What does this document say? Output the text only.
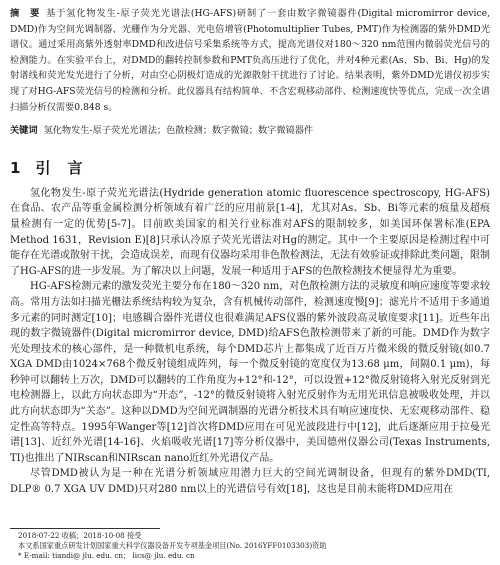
摘　要 基于氢化物发生-原子荧光光谱法(HG-AFS)研制了一套由数字微镜器件(Digital micromirror device, DMD)作为空间光调制器、光栅作为分光器、光电倍增管(Photomultiplier Tubes, PMT)作为检测器的紫外DMD光谱仪。通过采用高紫外透射率DMD和改进信号采集系统等方式，提高光谱仪对180～320 nm范围内微弱荧光信号的检测能力。在实验平台上，对DMD的翻转控制参数和PMT负高压进行了优化，并对4种元素(As、Sb、Bi、Hg)的发射谱线和荧光发光进行了分析，对由空心阴极灯造成的光源散射干扰进行了讨论。结果表明，紫外DMD光谱仪初步实现了对HG-AFS荧光信号的检测和分析。此仪器具有结构简单、不含宏观移动部件、检测速度快等优点，完成一次全谱扫描分析仅需要0.848 s。
关键词 氢化物发生-原子荧光光谱法；色散检测；数字微镜；数字微镜器件
1 引　言

氢化物发生-原子荧光光谱法(Hydride generation atomic fluorescence spectroscopy, HG-AFS)在食品、农产品等重金属检测分析领域有着广泛的应用前景[1-4]，尤其对As、Sb、Bi等元素的痕量及超痕量检测有一定的优势[5-7]。目前欧美国家的相关行业标准对AFS的限制较多，如美国环保署标准(EPA Method 1631，Revision E)[8]只承认冷原子荧光光谱法对Hg的测定。其中一个主要原因是检测过程中可能存在光谱或散射干扰，会造成误差，而现有仪器均采用非色散检测法，无法有效验证或排除此类问题，限制了HG-AFS的进一步发展。为了解决以上问题，发展一种适用于AFS的色散检测技术便显得尤为重要。

HG-AFS检测元素的激发荧光主要分布在180～320 nm，对色散检测方法的灵敏度和响应速度等要求较高。常用方法如扫描光栅法系统结构较为复杂，含有机械传动部件，检测速度慢[9]；滤光片不适用于多通道多元素的同时测定[10]；电感耦合器件光谱仪也很难满足AFS仪器的紫外波段高灵敏度要求[11]。近些年出现的数字微镜器件(Digital micromirror device, DMD)给AFS色散检测带来了新的可能。DMD作为数字光处理技术的核心部件，是一种微机电系统，每个DMD芯片上都集成了近百万片微米级的微反射镜(如0.7 XGA DMD由1024×768个微反射镜组成阵列，每一个微反射镜的宽度仅为13.68 μm，间隔0.1 μm)，每秒钟可以翻转上万次，DMD可以翻转的工作角度为+12°和-12°，可以设置+12°微反射镜将入射光反射到光电检测器上，以此方向状态即为“开态”，-12°的微反射镜将入射光反射作为无用光讯信息被吸收处理，并以此方向状态即为“关态”。这种以DMD为空间光调制器的光谱分析技术具有响应速度快、无宏观移动部件、稳定性高等特点。1995年Wanger等[12]首次将DMD应用在可见光波段进行中[12]，此后逐渐应用于拉曼光谱[13]、近红外光谱[14-16]、火焰吸收光谱[17]等分析仪器中，美国德州仪器公司(Texas Instruments, TI)也推出了NIRscan和NIRscan nano近红外光谱仪产品。

尽管DMD被认为是一种在光谱分析领域应用潜力巨大的空间光调制设备，但现有的紫外DMD(TI, DLP® 0.7 XGA UV DMD)只对280 nm以上的光谱信号有效[18]，这也是目前未能将DMD应用在

2018-07-22 收稿；2018-10-08 接受
本文系国家重点研发计划国家重大科学仪器设备开发专项基金项目(No. 2016YFF0103303)资助
* E-mail: tiandi@ jlu. edu. cn； lics@ jlu. edu. cn
